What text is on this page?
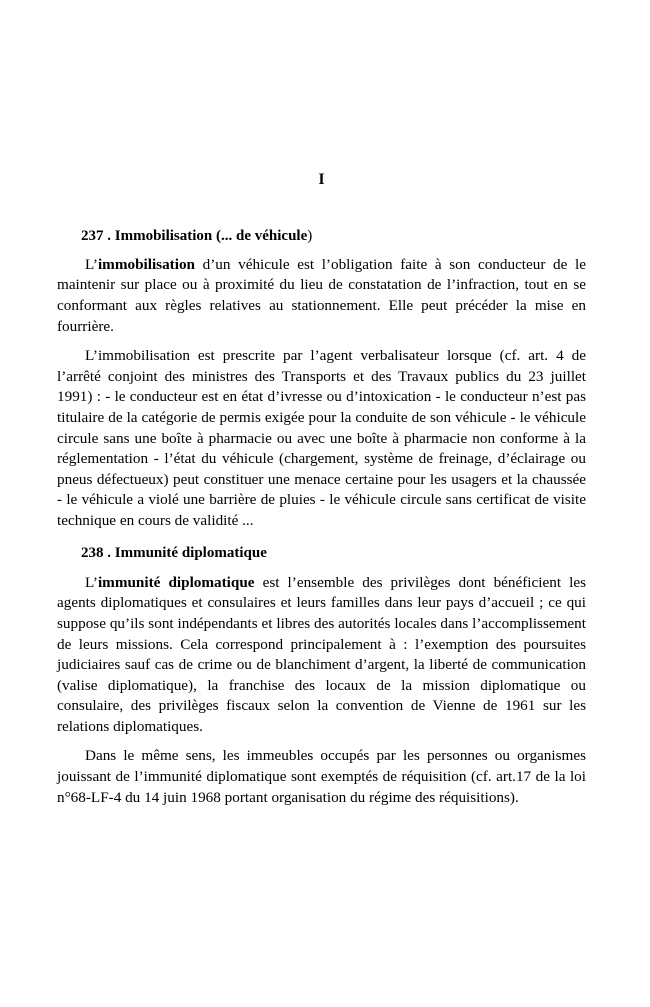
I
237 . Immobilisation (... de véhicule)

L’immobilisation d’un véhicule est l’obligation faite à son conducteur de le maintenir sur place ou à proximité du lieu de constatation de l’infraction, tout en se conformant aux règles relatives au stationnement. Elle peut précéder la mise en fourrière.

L’immobilisation est prescrite par l’agent verbalisateur lorsque (cf. art. 4 de l’arrêté conjoint des ministres des Transports et des Travaux publics du 23 juillet 1991) : - le conducteur est en état d’ivresse ou d’intoxication - le conducteur n’est pas titulaire de la catégorie de permis exigée pour la conduite de son véhicule - le véhicule circule sans une boîte à pharmacie ou avec une boîte à pharmacie non conforme à la réglementation - l’état du véhicule (chargement, système de freinage, d’éclairage ou pneus défectueux) peut constituer une menace certaine pour les usagers et la chaussée - le véhicule a violé une barrière de pluies - le véhicule circule sans certificat de visite technique en cours de validité ...

238 . Immunité diplomatique

L’immunité diplomatique est l’ensemble des privilèges dont bénéficient les agents diplomatiques et consulaires et leurs familles dans leur pays d’accueil ; ce qui suppose qu’ils sont indépendants et libres des autorités locales dans l’accomplissement de leurs missions. Cela correspond principalement à : l’exemption des poursuites judiciaires sauf cas de crime ou de blanchiment d’argent, la liberté de communication (valise diplomatique), la franchise des locaux de la mission diplomatique ou consulaire, des privilèges fiscaux selon la convention de Vienne de 1961 sur les relations diplomatiques.

Dans le même sens, les immeubles occupés par les personnes ou organismes jouissant de l’immunité diplomatique sont exemptés de réquisition (cf. art.17 de la loi n°68-LF-4 du 14 juin 1968 portant organisation du régime des réquisitions).
